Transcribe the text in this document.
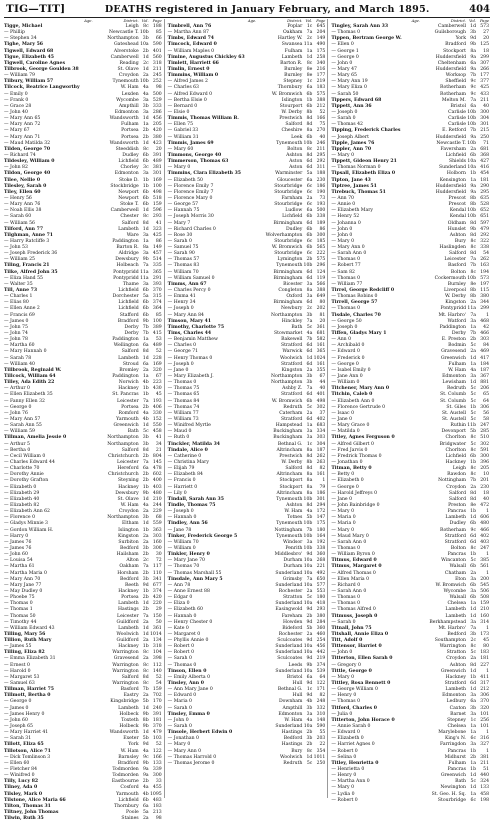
TIG—TIT]	DEATHS registered in January February, and March 1895.	404
Age.	District. Vol.	Page
Tigge, Michael	Leigh 8c 188
— Phillip	Newcastle T. 10b	85
— Stephen 34	Northampton 3b	66
Tighe, Mary 56	Gateshead 10a 590
Tigwell, Edward 68	Alverstoke 2b 401
Tigue, Elizabeth 45	Camberwell 1d 560
Tigwell, Caroline Agnes	Reading 2c 318
Tilbrook, George Goulden 38	St. Olave 1d 211
— William 79	Croydon 2a 245
Tilbury, William 57	Tynemouth 10b 252
Tilcock, Beatrice Langworthy	W. Ham 4a	98
— Emily 0	Lexden 4a 500
— Frank 0	Wycombe 3a 529
— Grace 28	Ampthill 3b 333
— John 40	Edmonton 3a 286
— Mary Ann 65	Wandsworth 1d 456
— Mary Ann 72	Fulham 1a 205
— Mary 67	Portsea 2b 420
— Mary Ann 71	Portsea 2b 380
— Maud Matilda 32	Wandsworth 1d 423
Tilden, George 70	Steeddish 8c	20
— Richard 74	Dudley 6b 391
Tildesley, William 0	Lichfield 6b 489
— John 82	Chorley 3c 381
Tildon, George 40	Edmonton 3a 301
Tilee, Nellie 0	Stoke D. 1b 169
Tilesley, Sarah 0	Stockbridge 1b 100
Tiley, Ellen 60	Newport 6b 498
— Henry 56	Newport 6b 518
— Mary Ann 76	Stoke T. 6b 159
— Noah Ellis 38	Camberwell 1d 596
— Sarah 60	Chester 8c 293
— William 56	Salford 8d	41
Tilford, Ann 77	Lambeth 1d 323
Tilghman, Anne 71	Ware 3a 425
— Harry Ratcliffe 3	Paddington 1a	86
— John 53	Barton R. 8a 149
— Joseph Frederick 36	Aldridge 3a 457
— William 25	Dewsbury 9b 514
Tiling, Francis 21	Holbeach 7a 335
Tilke, Alfred John 35	Pontypridd 11a 365
— Eliza Hand 55	Pontypridd 11a 291
— Walter 35	Thame 3a 393
Till, Anne 73	Lichfield 6b 370
— Charles 1	Dorchester 5a 315
— Elias 80	Lichfield 6b 374
— Ellen Anne 2	Lichfield 6b 364
— Francis 69	Stafford 6b	85
— James 0	Bradford 9b 100
— John 75	Derby 7b 389
— John 74	Derby 7b 415
— John 78	Paddington 1a	53
— Martha 60	Wellington 6a 489
— Mary Hannah 0	Salford 8d	52
— Sarah 78	Lambeth 1d 228
— William 40	Stroud 6a 169
Tillbrook, Reginald W.	Bromley 2a 320
Tillcock, William 64	Paddington 1a	67
Tilley, Ada Edith 22	Norwich 4b 223
— Arthur 0	Hackney 1b 430
— Ellen Elizabeth 35	St. Pancras 1b	45
— Fanny Ellen 32	Leicester 7a 193
— George 0	Portsea 2b 406
— John 76	Romford 4a 330
— Mary Ann 57	Yarmouth 4b 152
— Sarah Ann 55	Greenwich 1d 550
— William 59	Bath 5c 458
Tillman, Amelia Jessie 0	Northampton 3b	41
— Arthur 5	Northampton 3b	34
— Bertha 0	Salford 8d	21
— Cecil William 0	Christchurch 2b 804
— Charles Edward 44	Leicester 7a 145
— Charlotte 70	Hereford 6a 478
— Dorothy Annie	Christchurch 2b 602
— Dorothy Grafton	Steyning 2b 400
— Elizabeth 0	Hackney 1b 403
— Elizabeth 29	Dewsbury 9b 480
— Elizabeth 40	St. Olave 1d 210
— Elizabeth 82	W. Ham 4a 244
— Elizabeth Ann 62	Croydon 2a 229
— Florence 0	Northampton 3b	68
— Gladys Minnie 3	Eltham 1d 559
— Gordon William H.	Islington 1b 363
— Harry 0	Kingston 2a 303
— James 76	Surbiton 2a 160
— James 76	Bedford 3b 300
— John 60	Hailsham 2b	30
— Louisa 54	Alton 2c	72
— Martha 61	Oakham 7a 117
— Martha Maria 0	Horsham 2b 110
— Mary Ann 70	Bedford 3b 341
— Mary Jane 77	Reeth 9d 677
— May Dudley 0	Hackney 1b 374
— Phoebe 75	Portsea 2b 420
— Thomas 0	Lambeth 1d 220
— Thomas 1	Hastings 2b	29
— Thomas 50	Leicester 7a 150
— Timothy 44	Guildford 2a	50
— William Edward 43	Lambeth 1d 361
Tilling, Mary 56	Woolwich 1d 1014
Tillion, Ruth Mary	Guildford 2a 134
— James 55	Hackney 1b 318
Tilling, Eliza 82	Warrington 8c 104
— Emma Elizabeth 31	Gravesend 2a 398
— Ernest 0	Warrington 8c 112
— Harold 0	Warrington 8c 140
— Margaret 53	Salford 8d	52
— Samuel 63	Warrington 8c	54
Tillman, Harriet 75	Basford 7b 159
Tillmott, Bertha 0	Eastry 2a 702
— George 0	Kingsbridge 5b 170
— James 0	Lambeth 1d 240
— James Henry 0	Holbeck 9b 391
— John 60	Toxteth 8b 181
— Joseph 65	Holbeck 9b 370
— Mary Harriet 41	Wandsworth 1d 479
— Sarah 31	Exeter 5b 103
Tillott, Eliza 65	York 9d	52
Tillotson, Alice 71	W. Ham 4a 122
— Dick Tomlinson 3	Barnsley 9c 166
— Ellen 60	Bradford 9b 133
— Fletcher 84	Todmorden 9a 339
— Winifred 0	Todmorden 9a 300
Tilly, Lucy 82	Eastbourne 2b	33
Tilney, Ada 0	Cosford 4a 455
Tilsley, Mark 0	Yarmouth 4b 1095
Tilstone, Alice Maria 66	Lichfield 6b 483
Tilton, Thomas 31	Thornbury 6a 183
Tiltney, John Thomas	Poole 5a 213
Tilwin, Ruth 35	Staines 2a	98
Age.	District. Vol.	Page
Timbrell, Ann 76	Poplar 1c 645
— Martha Ann 87	Oakham 7a 204
Timbs, Edward 74	Hartley W. 2c 149
Timcock, Edward 0	Swansea 11a 490
— William Maples 0	Fulham 1a 175
Timine, Augustus Chickley 63	Lambeth 1d 258
Timlett, Harriett 66	Barton R. 8c 340
Timlin, Ernest 0	Burnley 8e 216
Timmins, William 0	Burnley 8e 177
— Alfred James 2	Stepney 1c 219
— Charles 63	Thornbury 6a 183
— Alfred Edward 0	W. Bromwich 6b 575
— Bertha Elsie 0	Islington 1b 388
— Bernard 0	Stourport 6b 212
— Elsie 0	W. Derby 8b	52
Timmis, Thomas William B.	Prestwich 8d 166
— Ellen 75	Salford 8d	75
— Gabriel 33	Cheshire 8a 270
— William 31	Leek 6b	40
Timmis, James 69	Tynemouth 10b 246
— Mary 60	Bolton 8c 211
Timmons, George 40	Ashton 8d 295
Timmerson, Thomas 63	Aston 6d 292
— Mary 0	Aston 6d 311
Timmins, Clara Elizabeth 35	Warminster 5a 188
— Elizabeth 50	Gloucester 6a 230
— Florence Emily 7	Stourbridge 6c 186
— Florence Emily 7	Stourbridge 6c 190
— Florence Mary 0	Farnham 2a	73
— George 57	Stourbridge 6c 193
— Hannah 75	Ludlow 6a 500
— Joseph Morris 30	Lichfield 6b 338
— Mary 7	Birmingham 6d 189
— Richard Charles 0	Dudley 6b	86
— Rose 30	Wolverhampton 6b 300
— Sarah 0	Stourbridge 6c 185
— Samuel 75	W. Bromwich 6b 565
— Sarah 90	Stourbridge 6c 222
— Thomas 57	Lymington 2b 575
— Thomas 83	Tynemouth 10b 296
— William 70	Birmingham 6d 124
— William Samuel 0	Birmingham 6d 119
Timms, Ann 67	Bicester 3a 566
— Charles Percy 0	Congleton 8a 388
— Emma 41	Oxford 3a 649
— Henry 34	Birmingham 6d	80
— Joseph 0	Newbury 2c 202
— Mary Ann 84	Northampton 3b	81
Timson, Mary 41	Hinckley 7a	20
Timothy, Charlotte 75	Bath 5c 361
Tims, Charles 44	Stowmarket 4a 681
— Benjamin Matthew	Bakewell 7b 582
— Charles 0	Stratford 6d 161
— George 71	Warwick 6d 365
— Henry Thomas 0	Woolwich 1d 1024
— Joseph 0	Stratford 6d 161
— Jane 0	Kingston 2a 355
— Mary Elizabeth J.	Northampton 3b	67
— Thomas 0	Northampton 3b	44
— Thomas 75	Ashby Z. 7a	40
— Thomas 65	Stratford 6d 401
— Thomas 84	W. Bromwich 6b 498
— Thomas 74	Redruth 5c 302
— William 77	Caterham 2a	37
— William 73	Stratford 6d 402
— Winifred Myrtle	Hampstead 1a 683
— Maud 0	Buckingham 3a 334
— Ruth 0	Buckingham 3a 303
Tinckler, Matilda 34	Bethnal G. 1c 304
Tindale, Alice 0	Altrincham 8a 187
— Catherine 0	Prestwich 8d 262
— Christina Mary	W. Derby 8b 263
— Elijah 79	Salford 8d	82
— Elizabeth 84	Altrincham 8a 161
— Francis 0	Stockport 8a	1
— Harriett 0	Stockport 8a	79
— Lily 0	Altrincham 8a 186
Tindall, Sarah Ann 35	Tynemouth 10b 301
Tindle, Thomas 75	Ashton 8d 294
— Joseph 0	W. Ham 4a 172
— Hannah 0	Totnes 5b 147
Tindley, Ann 56	Tynemouth 10b 175
— Jane 78	Nottingham 7b 180
Tinker, Frederick George 5	Tynemouth 10b 164
— William 70	Windsor 3a 192
— William 0	Penrith 10b 338
Tinkler, Henry 0	Middlesbro' 9d 360
— Mary Jane 70	Durham 10a 268
— Thomas 70	Durham 10a 221
— Thomas Marshall 55	Sunderland 10a 492
Tinsdale, Ann Mary 5	Grimsby 7a 650
— Ann 78	Sunderland 10a 577
— Anne Ernest 88	Rochester 2a 553
— Edgar 0	Stratton 5c 180
— Eliza 0	Sunderland 10a 418
— Elizabeth 60	Easingwold 9d 293
— Hannah 0	Fareham 2b 380
— Henry Chester 0	Howden 9d 284
— Kate 0	Bideford 5b 360
— Margaret 0	Rochester 2a 460
— Phyllis Annie 0	Sculcoates 9d 254
— Robert 0	Sunderland 10a 456
— Robert 0	Sunderland 10a 442
— Sarah 0	Sculcoates 9d 219
— Thomas 0	Leeds 9b 374
Tinson, Ellen 0	Sunderland 10a 539
— Emily Alberta 0	Bristol 6a	64
Tinsley, Ann 0	Hull 9d 122
— Ann Mary Jane 0	Bethnal G. 1c 171
— Edward 0	Hull 9d	82
— Maria 0	Downham 4b 248
— Sarah 0	Ampthill 3b 332
Tinsley, Emma 0	Edmonton 3a 310
— John 0	W. Ham 4a 148
— Sarah 0	Sunderland 10a 590
Tinsole, Herbert Edwin 0	Hastings 2b	55
— Jonathan 0	Bedford 3b 203
— Mary 0	Hastings 2b	22
— Mary Ann 0	Bury 8c 354
— Thomas Harrold 0	Woolwich 1d 1011
— Thomas Jerome 0	Redruth 5c 250
Age.	District. Vol.	Page
Tingley, Sarah Ann 33	Camberwell 1d 573
— Thomas 0	Guilsborough 3b	27
Tippen, Bertram George W.	York 9d	20
— Ellen 0	Bradford 9b 125
— George 1	Stockport 8a	18
— George 0	Huddersfield 9a 299
— John 0	Cheltenham 6a 307
— Mary 47	Huddersfield 9a 266
— Mary 65	Worksop 7b 177
— Mary Ann 19	Sheffield 9c 377
— Mary Eliza 0	Rotherham 9c 425
— Sarah 50	Rotherham 9c 433
Tippers, Edward 68	Melton M. 7a 211
Tippett, Ann 36	Bristol 6a	40
— Joseph 0	Carlisle 10b 300
— Sarah 0	Carlisle 10b 304
— Thomas 42	Carlisle 10b 301
Tipping, Frederick Charles	E. Retford 7b 215
— Joseph Albert	Huddersfield 9a 250
Tipple, James 76	Newcastle T. 10b	71
Tippler, Ann 70	Faversham 2a 681
— Mary 0	Lichfield 6b 368
Tippett, Gideon Henry 21	Shields 10a 427
— Thomas Norman 0	Sunderland 10a 416
Tipsall, Elizabeth Eliza 0	Holborn 1b 454
Tipton, Jane 43	Kensington 1a 181
Tiptree, James 51	Huddersfield 9a 290
Tirebuck, Thomas 51	Huddersfield 9a 295
— Ann 70	Prescot 8b 635
— Annie 0	Prescot 8b 528
— Elizabeth Mary	Kendal 10b 652
— Henry 52	Kendal 10b 651
— Johanna 0	Oldham 8d 597
— John 0	Hunslet 9b 479
— John 0	Ashton 8d 292
— Mary 0	Bury 8c 322
— Mary Ann 0	Haslingden 8c 338
— Sarah Ann 0	Salford 8d	54
— Thomas 0	Leicester 7a 262
— Robert 77	Basford 7b 163
— Sam 82	Bolton 8c 194
— Thomas 0	Cockermouth 10b 573
— William 77	Burnley 8e 197
Tirrel, George Redcliff 0	Liverpool 8b 115
— Thomas Robins 0	W. Derby 8b 380
Tirrell, George 57	Kingston 2a 344
— Thomas 0	Pontypridd 11a 299
Tisdale, Charles 70	Mt. Harbro' 7a	1
— George 50	Watford 3a 468
— Joseph 0	Paddington 1a	42
Tiffen, Gladys Mary 1	Derby 7b 466
— Ann 0	E. Preston 2b 303
— Archibald 0	Bodmin 5c	84
— Edward 0	Gravesend 2a 469
— Frederick 0	Greenwich 1d 417
— George 0	Fulham 1a 184
— Isabel Emily 0	W. Ham 4a 187
— Jane Ann 0	Edmonton 3a 367
— William 0	Lewisham 1d 881
Titchener, Mary Ann 0	Redruth 5c 206
Titchin, Caleb 0	St. Columb 5c	65
— Elizabeth Ann 0	St. Columb 5c	64
— Florence Gertrude 0	St. Giles 1b 306
— Isaac 0	St. Austell 5c	56
— Jane 0	St. Austell 5c	58
— Mary Grace 0	Ruthin 11b 247
— Matilda 0	Devonport 5b 285
Titley, Agnes Ferguson 0	Chorlton 8c 510
— Alfred Gilbert 0	Bridgwater 5c 302
— Fred Jarvis 0	Chorlton 8c 591
— Fredrick Thomas 0	Lichfield 6b 300
— Jonathan 0	Hackney 1b 396
Titman, Betty 0	Leigh 8c 205
— Betty 0	Rawdon 8c	10
— Elizabeth 0	Nottingham 7b 201
— George 0	Croydon 2a 230
— Harold Jeffreys 0	Salford 8d	18
— Jane 0	Salford 8d	40
— John Bainbridge 0	Preston 8e 472
— Mary 0	Pancras 1b	1
— Maria 0	Lambeth 1d 606
— Maria 0	Dudley 6b 480
— Mary 0	Rotherham 9c 466
— Maud Mary 0	Stratford 6d 402
— Sarah Ann 0	Stratford 6d 403
— Thomas 0	Bolton 8c 247
— William Byron 0	Pancras 1b	1
Titmus, Edward 0	Wincanton 5c 385
Titmus, Margaret 0	Walsall 6b 561
— Alfred Thomas 0	Chatham 2a	1
— Ellen Maria 0	Eton 3a 200
— Richard 0	W. Bromwich 6b 545
— Sarah Ann 0	Wycombe 3a 506
— Thomas 0	Walsall 6b 508
— Thomas 0	Chelsea 1a 159
— Thomas Alfred 0	Lambeth 1d 210
Titmuss, Joseph 0	Lambeth 1d 160
— Sarah 0	Berkhampstead 3a 314
Titnall, John 75	Mt. Harbro' 7a	1
Titshall, Annie Eliza 0	Bedford 3b 173
Titt, Adolf 0	Southampton 2c	45
Tittensor, Harriet 0	Warrington 8c	80
— John 0	Stratton 5c 183
Titterton, Ellen Sarah 0	Croydon 2a 181
— Gregory 0	Ashton 8d 227
Tittle, George 0	Greenwich 1d	1
— Mary 0	Hackney 1b 411
Tittley, Rosa Bennett 0	Stratford 6d 317
— George William 0	Lambeth 1d 212
— Henry 0	Edmonton 3a 306
— Thomas 0	Ledbury 6a 370
Titford, Charles 0	Caxton 3b 320
— Julia 0	Barnet 3a 101
Titterton, John Horace 0	Stepney 1c 256
— Annie Sarah 0	Chelsea 1a 101
— Edward 0	Marylebone 1a	1
— Elizabeth 0	King's N. 6c 316
— Harriet Agnes 0	Farringdon 3a 327
— Robert 0	Pancras 1b	1
— Selina 0	Midhurst 2b 381
Titley, Henrietta 0	Fulham 1a 211
— Henrietta 0	Pancras 1b	51
— Henry 0	Greenwich 1d 440
— Martha Ann 0	Bath 5c 324
— Mary 0	Newington 1d 133
— Lydia 0	St. Geo. H. Sq. 1a 458
— Robert 0	Stourbridge 6c 198
